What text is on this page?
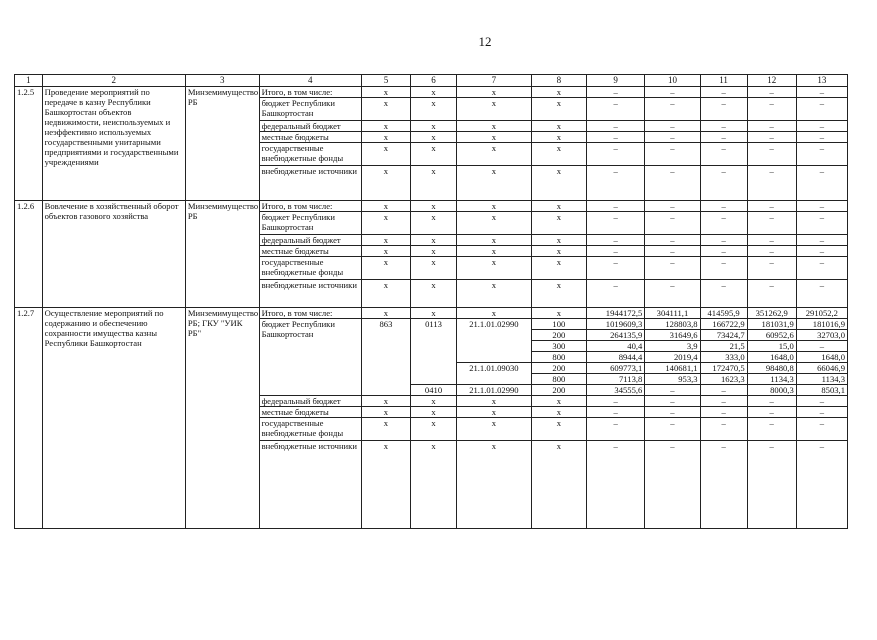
12
1	2	3	4	5	6	7	8	9	10	11	12	13
1.2.5	Проведение мероприятий по передаче в казну Республики Башкортостан объектов недвижимости, неиспользуемых и неэффективно используемых государственными унитарными предприятиями и государственными учреждениями	Минземимущество РБ	Итого, в том числе:	х	х	х	х	–	–	–	–	–
			бюджет Республики Башкортостан	х	х	х	х	–	–	–	–	–
			федеральный бюджет	х	х	х	х	–	–	–	–	–
			местные бюджеты	х	х	х	х	–	–	–	–	–
			государственные внебюджетные фонды	х	х	х	х	–	–	–	–	–
			внебюджетные источники	х	х	х	х	–	–	–	–	–
1.2.6	Вовлечение в хозяйственный оборот объектов газового хозяйства	Минземимущество РБ	Итого, в том числе:	х	х	х	х	–	–	–	–	–
			бюджет Республики Башкортостан	х	х	х	х	–	–	–	–	–
			федеральный бюджет	х	х	х	х	–	–	–	–	–
			местные бюджеты	х	х	х	х	–	–	–	–	–
			государственные внебюджетные фонды	х	х	х	х	–	–	–	–	–
			внебюджетные источники	х	х	х	х	–	–	–	–	–
1.2.7	Осуществление мероприятий по содержанию и обеспечению сохранности имущества казны Республики Башкортостан	Минземимущество РБ; ГКУ "УИК РБ"	Итого, в том числе:	х	х	х	х	1944172,5	304111,1	414595,9	351262,9	291052,2
			бюджет Республики Башкортостан	863	0113	21.1.01.02990	100	1019609,3	128803,8	166722,9	181031,9	181016,9
							200	264135,9	31649,6	73424,7	60952,6	32703,0
							300	40,4	3,9	21,5	15,0	–
							800	8944,4	2019,4	333,0	1648,0	1648,0
						21.1.01.09030	200	609773,1	140681,1	172470,5	98480,8	66046,9
							800	7113,8	953,3	1623,3	1134,3	1134,3
					0410	21.1.01.02990	200	34555,6	–	–	8000,3	8503,1
			федеральный бюджет	х	х	х	х	–	–	–	–	–
			местные бюджеты	х	х	х	х	–	–	–	–	–
			государственные внебюджетные фонды	х	х	х	х	–	–	–	–	–
			внебюджетные источники	х	х	х	х	–	–	–	–	–
